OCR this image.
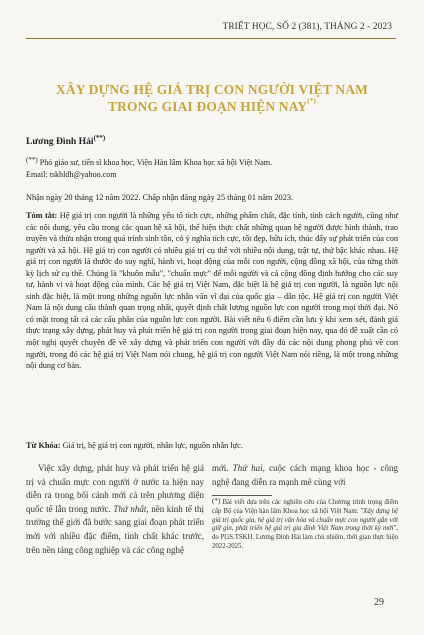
TRIẾT HỌC, SỐ 2 (381), THÁNG 2 - 2023
XÂY DỰNG HỆ GIÁ TRỊ CON NGƯỜI VIỆT NAM
TRONG GIAI ĐOẠN HIỆN NAY(*)
Lương Đình Hải(**)
(**) Phó giáo sư, tiến sĩ khoa học, Viện Hàn lâm Khoa học xã hội Việt Nam.
Email: tskhldh@yahoo.com
Nhận ngày 20 tháng 12 năm 2022. Chấp nhận đăng ngày 25 tháng 01 năm 2023.
Tóm tắt: Hệ giá trị con người là những yếu tố tích cực, những phẩm chất, đặc tính, tính cách người, cũng như các nội dung, yêu cầu trong các quan hệ xã hội, thể hiện thực chất những quan hệ người được hình thành, trao truyền và thừa nhận trong quá trình sinh tồn, có ý nghĩa tích cực, tốt đẹp, hữu ích, thúc đẩy sự phát triển của con người và xã hội. Hệ giá trị con người có nhiều giá trị cụ thể với nhiều nội dung, trật tự, thứ bậc khác nhau. Hệ giá trị con người là thước đo suy nghĩ, hành vi, hoạt động của mỗi con người, cộng đồng xã hội, của từng thời kỳ lịch sử cụ thể. Chúng là "khuôn mẫu", "chuẩn mực" để mỗi người và cả cộng đồng định hướng cho các suy tư, hành vi và hoạt động của mình. Các hệ giá trị Việt Nam, đặc biệt là hệ giá trị con người, là nguồn lực nội sinh đặc biệt, là một trong những nguồn lực nhân văn vĩ đại của quốc gia – dân tộc. Hệ giá trị con người Việt Nam là nội dung cấu thành quan trọng nhất, quyết định chất lượng nguồn lực con người trong mọi thời đại. Nó có mặt trong tất cả các cấu phần của nguồn lực con người. Bài viết nêu 6 điểm cần lưu ý khi xem xét, đánh giá thực trạng xây dựng, phát huy và phát triển hệ giá trị con người trong giai đoạn hiện nay, qua đó đề xuất cần có một nghị quyết chuyên đề về xây dựng và phát triển con người với đầy đủ các nội dung phong phú về con người, trong đó các hệ giá trị Việt Nam nói chung, hệ giá trị con người Việt Nam nói riêng, là một trong những nội dung cơ bản.
Từ Khóa: Giá trị, hệ giá trị con người, nhân lực, nguồn nhân lực.
Việc xây dựng, phát huy và phát triển hệ giá trị và chuẩn mực con người ở nước ta hiện nay diễn ra trong bối cảnh mới cả trên phương diện quốc tế lẫn trong nước. Thứ nhất, nền kinh tế thị trường thế giới đã bước sang giai đoạn phát triển mới với nhiều đặc điểm, tính chất khác trước, trên nền tảng công nghiệp và các công nghệ
mới. Thứ hai, cuộc cách mạng khoa học - công nghệ đang diễn ra mạnh mẽ cùng với
(*) Bài viết dựa trên các nghiên cứu của Chương trình trọng điểm cấp Bộ của Viện hàn lâm Khoa học xã hội Việt Nam: "Xây dựng hệ giá trị quốc gia, hệ giá trị văn hóa và chuẩn mực con người gắn với giữ gìn, phát triển hệ giá trị gia đình Việt Nam trong thời kỳ mới", do PGS.TSKH. Lương Đình Hải làm chủ nhiệm, thời gian thực hiện 2022-2025.
29
